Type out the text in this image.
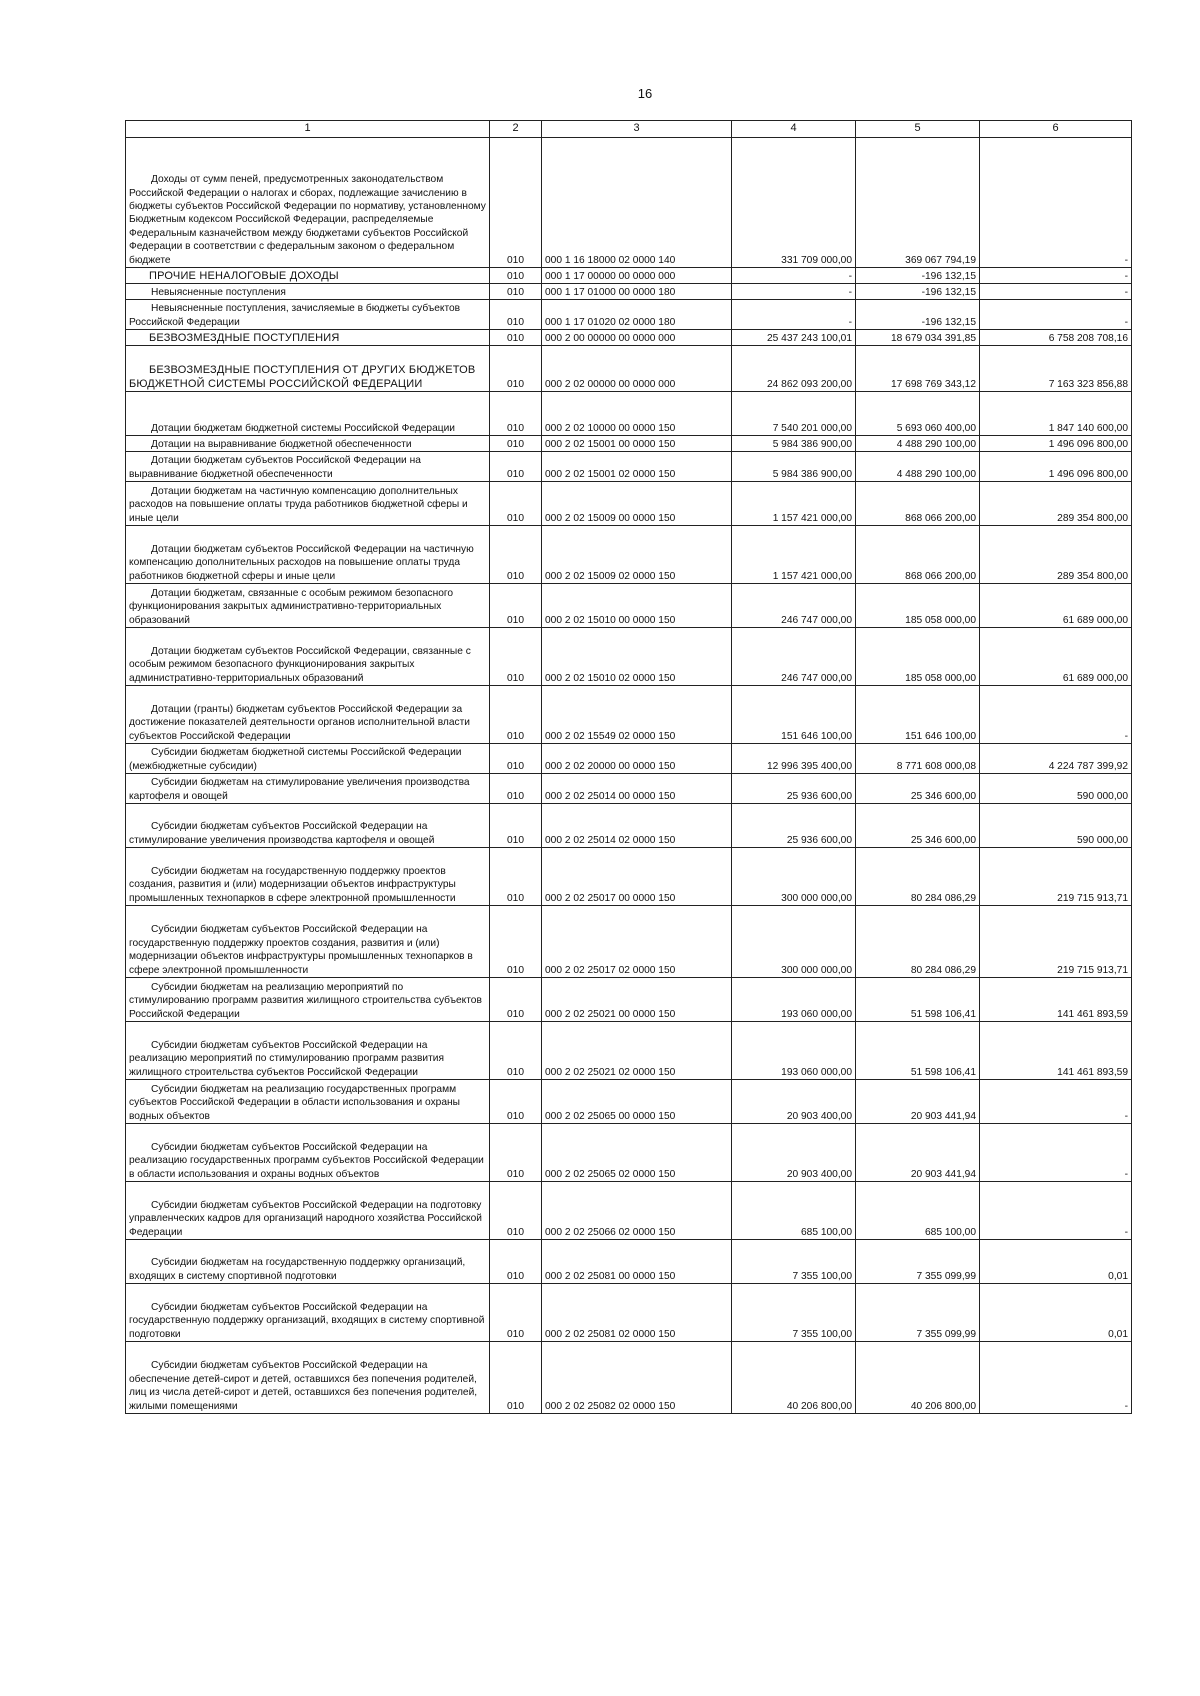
16
1	2	3	4	5	6

Доходы от сумм пеней, предусмотренных законодательством Российской Федерации о налогах и сборах, подлежащие зачислению в бюджеты субъектов Российской Федерации по нормативу, установленному Бюджетным кодексом Российской Федерации, распределяемые Федеральным казначейством между бюджетами субъектов Российской Федерации в соответствии с федеральным законом о федеральном бюджете	010	000 1 16 18000 02 0000 140	331 709 000,00	369 067 794,19	-

ПРОЧИЕ НЕНАЛОГОВЫЕ ДОХОДЫ	010	000 1 17 00000 00 0000 000	-	-196 132,15	-

Невыясненные поступления	010	000 1 17 01000 00 0000 180	-	-196 132,15	-

Невыясненные поступления, зачисляемые в бюджеты субъектов Российской Федерации	010	000 1 17 01020 02 0000 180	-	-196 132,15	-

БЕЗВОЗМЕЗДНЫЕ ПОСТУПЛЕНИЯ	010	000 2 00 00000 00 0000 000	25 437 243 100,01	18 679 034 391,85	6 758 208 708,16

БЕЗВОЗМЕЗДНЫЕ ПОСТУПЛЕНИЯ ОТ ДРУГИХ БЮДЖЕТОВ БЮДЖЕТНОЙ СИСТЕМЫ РОССИЙСКОЙ ФЕДЕРАЦИИ	010	000 2 02 00000 00 0000 000	24 862 093 200,00	17 698 769 343,12	7 163 323 856,88

Дотации бюджетам бюджетной системы Российской Федерации	010	000 2 02 10000 00 0000 150	7 540 201 000,00	5 693 060 400,00	1 847 140 600,00

Дотации на выравнивание бюджетной обеспеченности	010	000 2 02 15001 00 0000 150	5 984 386 900,00	4 488 290 100,00	1 496 096 800,00

Дотации бюджетам субъектов Российской Федерации на выравнивание бюджетной обеспеченности	010	000 2 02 15001 02 0000 150	5 984 386 900,00	4 488 290 100,00	1 496 096 800,00

Дотации бюджетам на частичную компенсацию дополнительных расходов на повышение оплаты труда работников бюджетной сферы и иные цели	010	000 2 02 15009 00 0000 150	1 157 421 000,00	868 066 200,00	289 354 800,00

Дотации бюджетам субъектов Российской Федерации на частичную компенсацию дополнительных расходов на повышение оплаты труда работников бюджетной сферы и иные цели	010	000 2 02 15009 02 0000 150	1 157 421 000,00	868 066 200,00	289 354 800,00

Дотации бюджетам, связанные с особым режимом безопасного функционирования закрытых административно-территориальных образований	010	000 2 02 15010 00 0000 150	246 747 000,00	185 058 000,00	61 689 000,00

Дотации бюджетам субъектов Российской Федерации, связанные с особым режимом безопасного функционирования закрытых административно-территориальных образований	010	000 2 02 15010 02 0000 150	246 747 000,00	185 058 000,00	61 689 000,00

Дотации (гранты) бюджетам субъектов Российской Федерации за достижение показателей деятельности органов исполнительной власти субъектов Российской Федерации	010	000 2 02 15549 02 0000 150	151 646 100,00	151 646 100,00	-

Субсидии бюджетам бюджетной системы Российской Федерации (межбюджетные субсидии)	010	000 2 02 20000 00 0000 150	12 996 395 400,00	8 771 608 000,08	4 224 787 399,92

Субсидии бюджетам на стимулирование увеличения производства картофеля и овощей	010	000 2 02 25014 00 0000 150	25 936 600,00	25 346 600,00	590 000,00

Субсидии бюджетам субъектов Российской Федерации на стимулирование увеличения производства картофеля и овощей	010	000 2 02 25014 02 0000 150	25 936 600,00	25 346 600,00	590 000,00

Субсидии бюджетам на государственную поддержку проектов создания, развития и (или) модернизации объектов инфраструктуры промышленных технопарков в сфере электронной промышленности	010	000 2 02 25017 00 0000 150	300 000 000,00	80 284 086,29	219 715 913,71

Субсидии бюджетам субъектов Российской Федерации на государственную поддержку проектов создания, развития и (или) модернизации объектов инфраструктуры промышленных технопарков в сфере электронной промышленности	010	000 2 02 25017 02 0000 150	300 000 000,00	80 284 086,29	219 715 913,71

Субсидии бюджетам на реализацию мероприятий по стимулированию программ развития жилищного строительства субъектов Российской Федерации	010	000 2 02 25021 00 0000 150	193 060 000,00	51 598 106,41	141 461 893,59

Субсидии бюджетам субъектов Российской Федерации на реализацию мероприятий по стимулированию программ развития жилищного строительства субъектов Российской Федерации	010	000 2 02 25021 02 0000 150	193 060 000,00	51 598 106,41	141 461 893,59

Субсидии бюджетам на реализацию государственных программ субъектов Российской Федерации в области использования и охраны водных объектов	010	000 2 02 25065 00 0000 150	20 903 400,00	20 903 441,94	-

Субсидии бюджетам субъектов Российской Федерации на реализацию государственных программ субъектов Российской Федерации в области использования и охраны водных объектов	010	000 2 02 25065 02 0000 150	20 903 400,00	20 903 441,94	-

Субсидии бюджетам субъектов Российской Федерации на подготовку управленческих кадров для организаций народного хозяйства Российской Федерации	010	000 2 02 25066 02 0000 150	685 100,00	685 100,00	-

Субсидии бюджетам на государственную поддержку организаций, входящих в систему спортивной подготовки	010	000 2 02 25081 00 0000 150	7 355 100,00	7 355 099,99	0,01

Субсидии бюджетам субъектов Российской Федерации на государственную поддержку организаций, входящих в систему спортивной подготовки	010	000 2 02 25081 02 0000 150	7 355 100,00	7 355 099,99	0,01

Субсидии бюджетам субъектов Российской Федерации на обеспечение детей-сирот и детей, оставшихся без попечения родителей, лиц из числа детей-сирот и детей, оставшихся без попечения родителей, жилыми помещениями	010	000 2 02 25082 02 0000 150	40 206 800,00	40 206 800,00	-
